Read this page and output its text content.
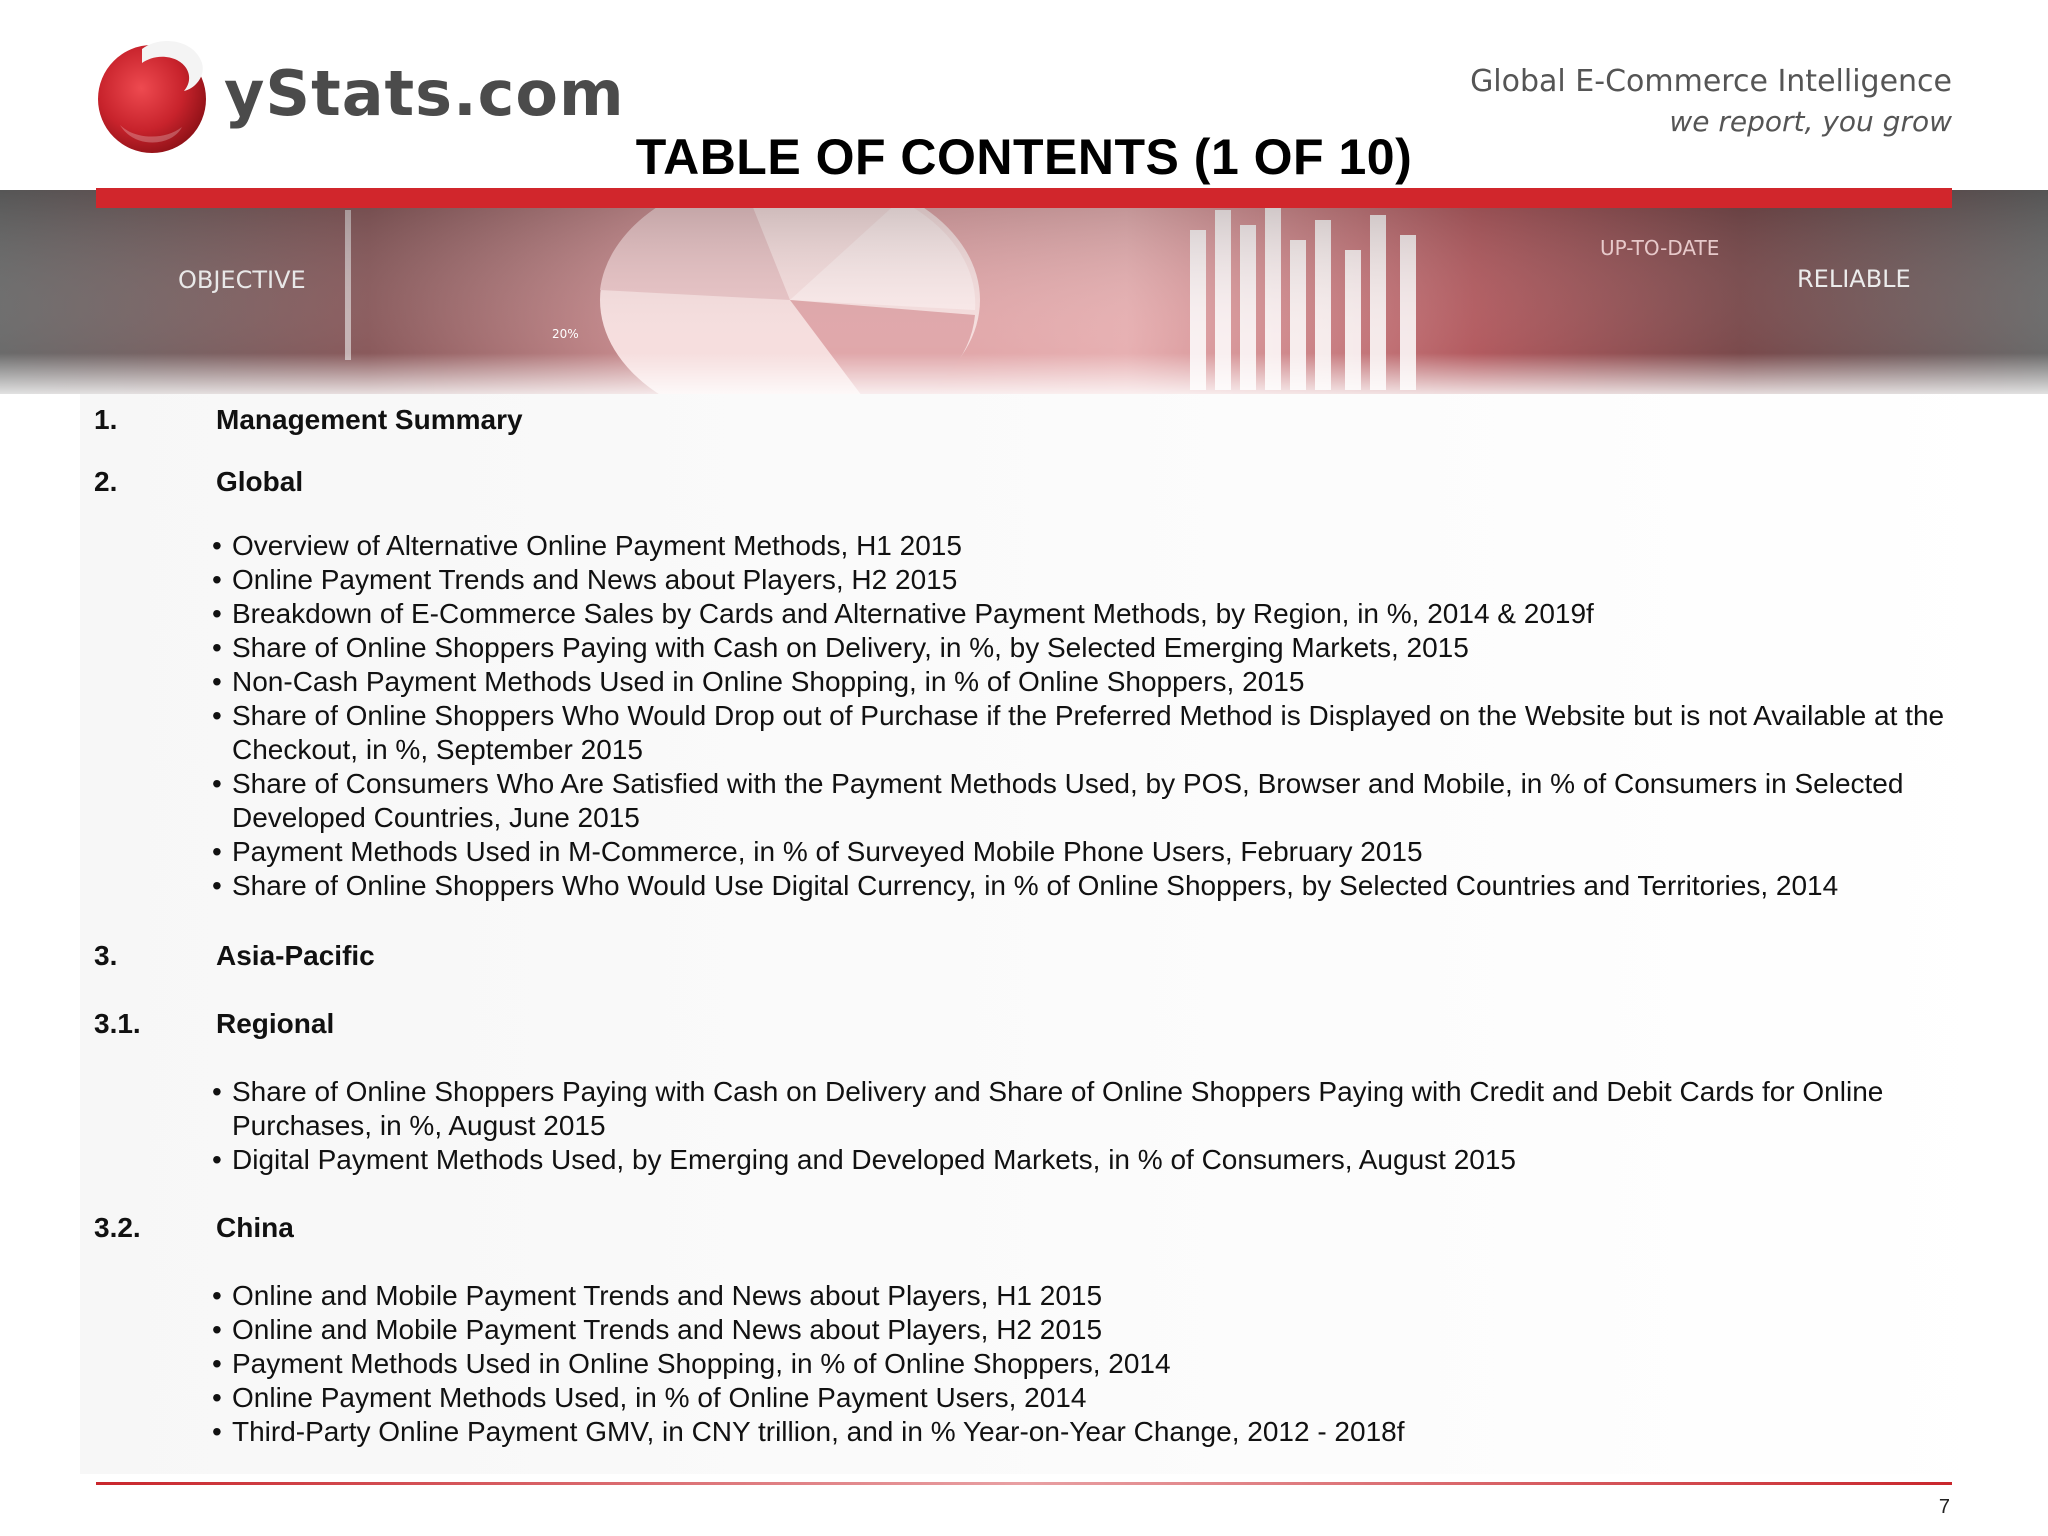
yStats.com	Global E-Commerce Intelligence
we report, you grow
TABLE OF CONTENTS (1 OF 10)
OBJECTIVE
UP-TO-DATE
RELIABLE
20%
1.	Management Summary
2.	Global
• Overview of Alternative Online Payment Methods, H1 2015
• Online Payment Trends and News about Players, H2 2015
• Breakdown of E-Commerce Sales by Cards and Alternative Payment Methods, by Region, in %, 2014 & 2019f
• Share of Online Shoppers Paying with Cash on Delivery, in %, by Selected Emerging Markets, 2015
• Non-Cash Payment Methods Used in Online Shopping, in % of Online Shoppers, 2015
• Share of Online Shoppers Who Would Drop out of Purchase if the Preferred Method is Displayed on the Website but is not Available at the Checkout, in %, September 2015
• Share of Consumers Who Are Satisfied with the Payment Methods Used, by POS, Browser and Mobile, in % of Consumers in Selected Developed Countries, June 2015
• Payment Methods Used in M-Commerce, in % of Surveyed Mobile Phone Users, February 2015
• Share of Online Shoppers Who Would Use Digital Currency, in % of Online Shoppers, by Selected Countries and Territories, 2014
3.	Asia-Pacific
3.1.	Regional
• Share of Online Shoppers Paying with Cash on Delivery and Share of Online Shoppers Paying with Credit and Debit Cards for Online Purchases, in %, August 2015
• Digital Payment Methods Used, by Emerging and Developed Markets, in % of Consumers, August 2015
3.2.	China
• Online and Mobile Payment Trends and News about Players, H1 2015
• Online and Mobile Payment Trends and News about Players, H2 2015
• Payment Methods Used in Online Shopping, in % of Online Shoppers, 2014
• Online Payment Methods Used, in % of Online Payment Users, 2014
• Third-Party Online Payment GMV, in CNY trillion, and in % Year-on-Year Change, 2012 - 2018f
7
